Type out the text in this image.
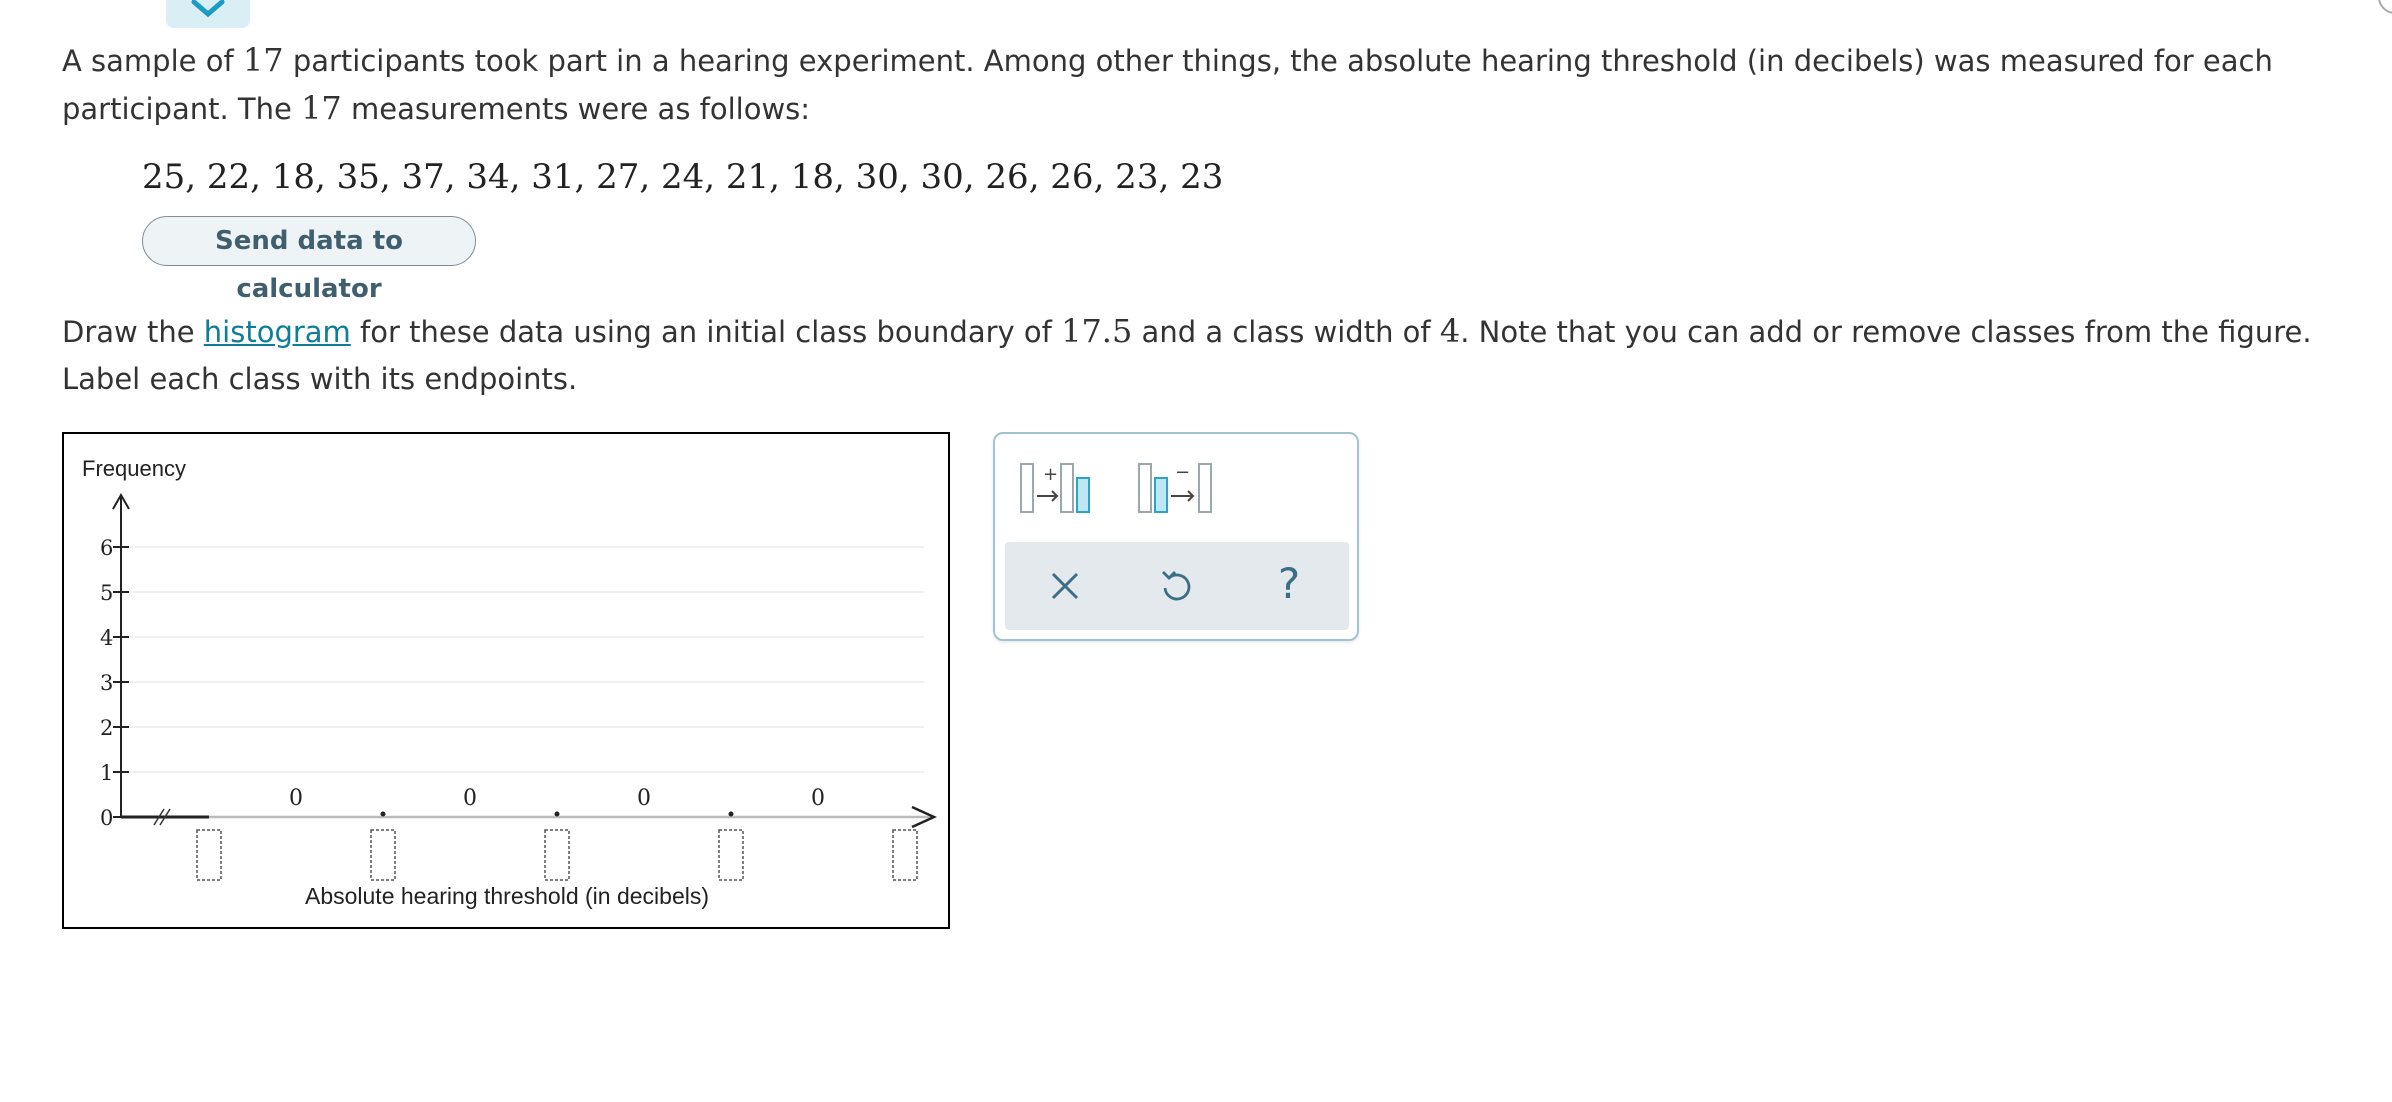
A sample of 17 participants took part in a hearing experiment. Among other things, the absolute hearing threshold (in decibels) was measured for each participant. The 17 measurements were as follows:
25, 22, 18, 35, 37, 34, 31, 27, 24, 21, 18, 30, 30, 26, 26, 23, 23
Send data to calculator
Draw the histogram for these data using an initial class boundary of 17.5 and a class width of 4. Note that you can add or remove classes from the figure. Label each class with its endpoints.
Frequency
0
1
2
3
4
5
6
0	0	0	0
Absolute hearing threshold (in decibels)
+	−
?
